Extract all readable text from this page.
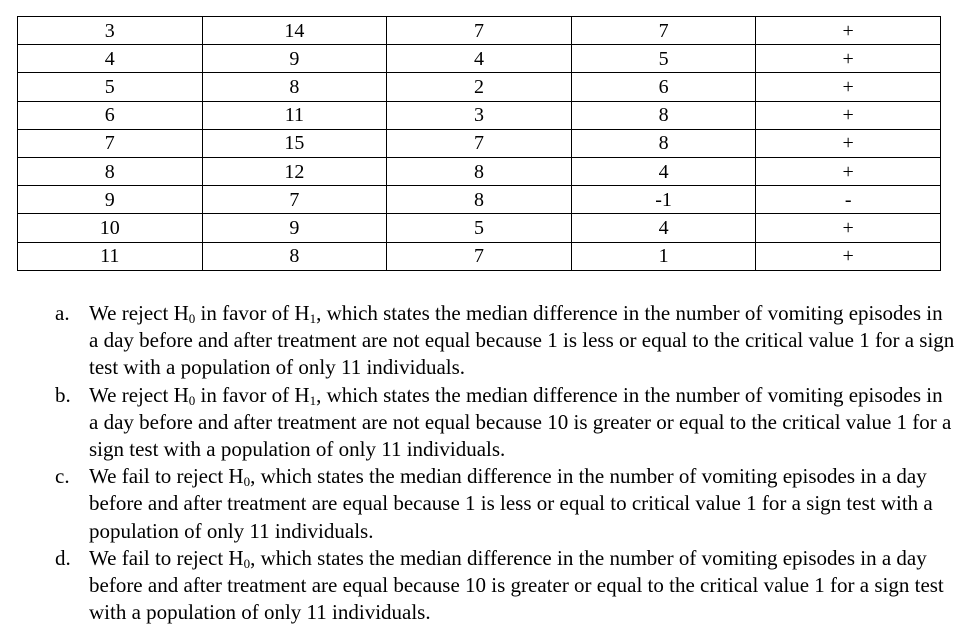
3	14	7	7	+
4	9	4	5	+
5	8	2	6	+
6	11	3	8	+
7	15	7	8	+
8	12	8	4	+
9	7	8	-1	-
10	9	5	4	+
11	8	7	1	+
a. We reject $H_0$ in favor of $H_1$, which states the median difference in the number of vomiting episodes in a day before and after treatment are not equal because 1 is less or equal to the critical value 1 for a sign test with a population of only 11 individuals.
b. We reject $H_0$ in favor of $H_1$, which states the median difference in the number of vomiting episodes in a day before and after treatment are not equal because 10 is greater or equal to the critical value 1 for a sign test with a population of only 11 individuals.
c. We fail to reject $H_0$, which states the median difference in the number of vomiting episodes in a day before and after treatment are equal because 1 is less or equal to critical value 1 for a sign test with a population of only 11 individuals.
d. We fail to reject $H_0$, which states the median difference in the number of vomiting episodes in a day before and after treatment are equal because 10 is greater or equal to the critical value 1 for a sign test with a population of only 11 individuals.
